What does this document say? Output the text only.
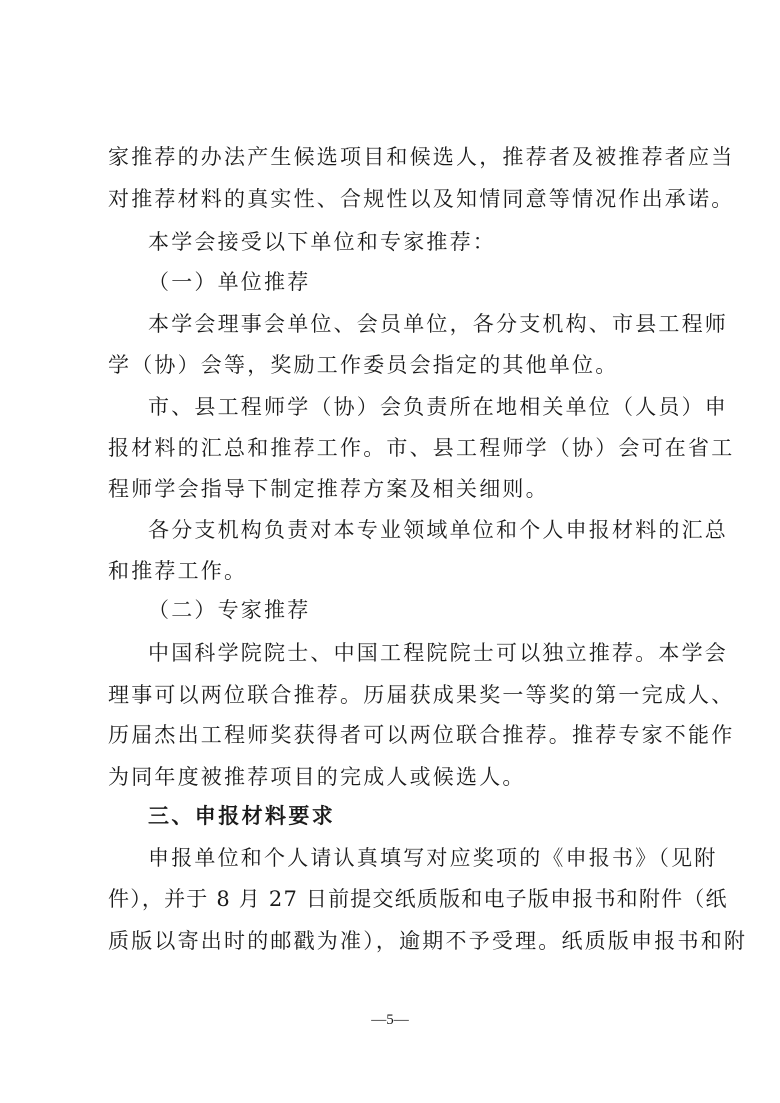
家推荐的办法产生候选项目和候选人，推荐者及被推荐者应当
对推荐材料的真实性、合规性以及知情同意等情况作出承诺。
本学会接受以下单位和专家推荐：
（一）单位推荐
本学会理事会单位、会员单位，各分支机构、市县工程师
学（协）会等，奖励工作委员会指定的其他单位。
市、县工程师学（协）会负责所在地相关单位（人员）申
报材料的汇总和推荐工作。市、县工程师学（协）会可在省工
程师学会指导下制定推荐方案及相关细则。
各分支机构负责对本专业领域单位和个人申报材料的汇总
和推荐工作。
（二）专家推荐
中国科学院院士、中国工程院院士可以独立推荐。本学会
理事可以两位联合推荐。历届获成果奖一等奖的第一完成人、
历届杰出工程师奖获得者可以两位联合推荐。推荐专家不能作
为同年度被推荐项目的完成人或候选人。
三、申报材料要求
申报单位和个人请认真填写对应奖项的《申报书》（见附
件），并于 8 月 27 日前提交纸质版和电子版申报书和附件（纸
质版以寄出时的邮戳为准），逾期不予受理。纸质版申报书和附
—5—
